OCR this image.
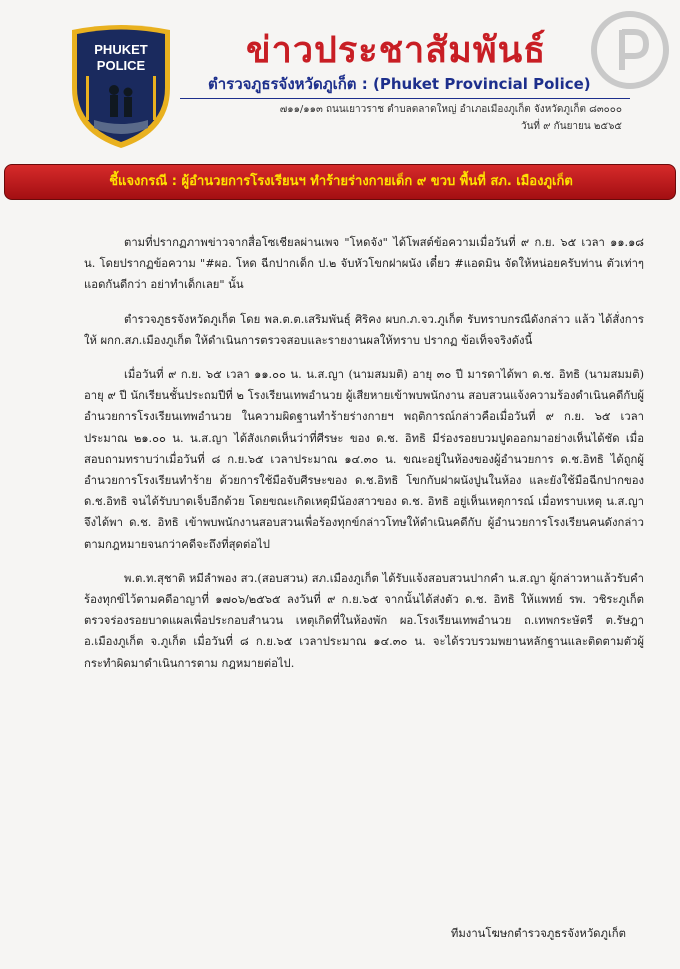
PHUKET
POLICE	ข่าวประชาสัมพันธ์
ตำรวจภูธรจังหวัดภูเก็ต : (Phuket Provincial Police)
๗๑๑/๑๑๓ ถนนเยาวราช ตำบลตลาดใหญ่ อำเภอเมืองภูเก็ต จังหวัดภูเก็ต ๘๓๐๐๐
วันที่ ๙ กันยายน ๒๕๖๕
ชี้แจงกรณี : ผู้อำนวยการโรงเรียนฯ ทำร้ายร่างกายเด็ก ๙ ขวบ พื้นที่ สภ. เมืองภูเก็ต

ตามที่ปรากฏภาพข่าวจากสื่อโซเชียลผ่านเพจ "โหดจัง" ได้โพสต์ข้อความเมื่อวันที่ ๙ ก.ย. ๖๕ เวลา ๑๑.๑๘ น. โดยปรากฏข้อความ "#ผอ. โหด ฉีกปากเด็ก ป.๒ จับหัวโขกฝาผนัง เดี๋ยว #แอดมิน จัดให้หน่อยครับท่าน ตัวเท่าๆแอดกันดีกว่า อย่าทำเด็กเลย" นั้น

ตำรวจภูธรจังหวัดภูเก็ต โดย พล.ต.ต.เสริมพันธุ์ ศิริคง ผบก.ภ.จว.ภูเก็ต รับทราบกรณีดังกล่าว แล้ว ได้สั่งการให้ ผกก.สภ.เมืองภูเก็ต ให้ดำเนินการตรวจสอบและรายงานผลให้ทราบ ปรากฏ ข้อเท็จจริงดังนี้

เมื่อวันที่ ๙ ก.ย. ๖๕ เวลา ๑๑.๐๐ น. น.ส.ญา (นามสมมติ) อายุ ๓๐ ปี มารดาได้พา ด.ช. อิทธิ (นามสมมติ) อายุ ๙ ปี นักเรียนชั้นประถมปีที่ ๒ โรงเรียนเทพอำนวย ผู้เสียหายเข้าพบพนักงาน สอบสวนแจ้งความร้องดำเนินคดีกับผู้อำนวยการโรงเรียนเทพอำนวย ในความผิดฐานทำร้ายร่างกายฯ พฤติการณ์กล่าวคือเมื่อวันที่ ๙ ก.ย. ๖๕ เวลาประมาณ ๒๑.๐๐ น. น.ส.ญา ได้สังเกตเห็นว่าที่ศีรษะ ของ ด.ช. อิทธิ มีร่องรอยบวมปูดออกมาอย่างเห็นได้ชัด เมื่อสอบถามทราบว่าเมื่อวันที่ ๘ ก.ย.๖๕ เวลาประมาณ ๑๔.๓๐ น. ขณะอยู่ในห้องของผู้อำนวยการ ด.ช.อิทธิ ได้ถูกผู้อำนวยการโรงเรียนทำร้าย ด้วยการใช้มือจับศีรษะของ ด.ช.อิทธิ โขกกับฝาผนังปูนในห้อง และยังใช้มือฉีกปากของ ด.ช.อิทธิ จนได้รับบาดเจ็บอีกด้วย โดยขณะเกิดเหตุมีน้องสาวของ ด.ช. อิทธิ อยู่เห็นเหตุการณ์ เมื่อทราบเหตุ น.ส.ญา จึงได้พา ด.ช. อิทธิ เข้าพบพนักงานสอบสวนเพื่อร้องทุกข์กล่าวโทษให้ดำเนินคดีกับ ผู้อำนวยการโรงเรียนคนดังกล่าวตามกฎหมายจนกว่าคดีจะถึงที่สุดต่อไป

พ.ต.ท.สุชาติ หมีลำพอง สว.(สอบสวน) สภ.เมืองภูเก็ต ได้รับแจ้งสอบสวนปากคำ น.ส.ญา ผู้กล่าวหาแล้วรับคำร้องทุกข์ไว้ตามคดีอาญาที่ ๑๗๐๖/๒๕๖๕ ลงวันที่ ๙ ก.ย.๖๕ จากนั้นได้ส่งตัว ด.ช. อิทธิ ให้แพทย์ รพ. วชิระภูเก็ต ตรวจร่องรอยบาดแผลเพื่อประกอบสำนวน เหตุเกิดที่ในห้องพัก ผอ.โรงเรียนเทพอำนวย ถ.เทพกระษัตรี ต.รัษฎา อ.เมืองภูเก็ต จ.ภูเก็ต เมื่อวันที่ ๘ ก.ย.๖๕ เวลาประมาณ ๑๔.๓๐ น. จะได้รวบรวมพยานหลักฐานและติดตามตัวผู้กระทำผิดมาดำเนินการตาม กฎหมายต่อไป.

ทีมงานโฆษกตำรวจภูธรจังหวัดภูเก็ต
